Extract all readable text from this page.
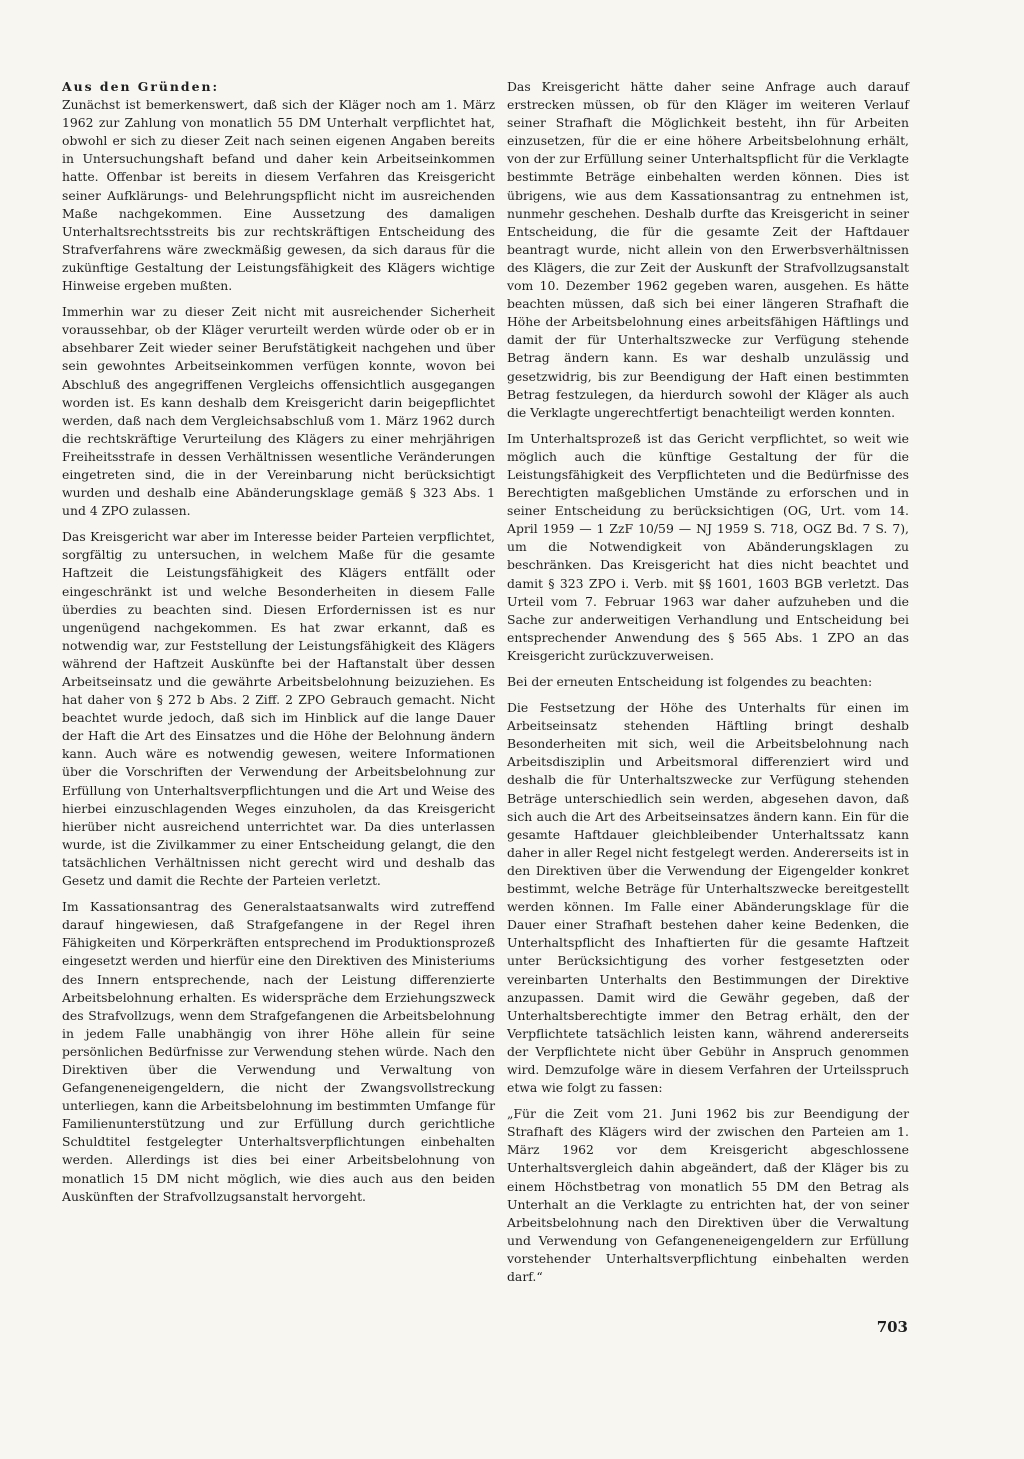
Aus den Gründen:
Zunächst ist bemerkenswert, daß sich der Kläger noch am 1. März 1962 zur Zahlung von monatlich 55 DM Unterhalt verpflichtet hat, obwohl er sich zu dieser Zeit nach seinen eigenen Angaben bereits in Untersuchungshaft befand und daher kein Arbeitseinkommen hatte. Offenbar ist bereits in diesem Verfahren das Kreisgericht seiner Aufklärungs- und Belehrungspflicht nicht im ausreichenden Maße nachgekommen. Eine Aussetzung des damaligen Unterhaltsrechtsstreits bis zur rechtskräftigen Entscheidung des Strafverfahrens wäre zweckmäßig gewesen, da sich daraus für die zukünftige Gestaltung der Leistungsfähigkeit des Klägers wichtige Hinweise ergeben mußten.

Immerhin war zu dieser Zeit nicht mit ausreichender Sicherheit voraussehbar, ob der Kläger verurteilt werden würde oder ob er in absehbarer Zeit wieder seiner Berufstätigkeit nachgehen und über sein gewohntes Arbeitseinkommen verfügen konnte, wovon bei Abschluß des angegriffenen Vergleichs offensichtlich ausgegangen worden ist. Es kann deshalb dem Kreisgericht darin beigepflichtet werden, daß nach dem Vergleichsabschluß vom 1. März 1962 durch die rechtskräftige Verurteilung des Klägers zu einer mehrjährigen Freiheitsstrafe in dessen Verhältnissen wesentliche Veränderungen eingetreten sind, die in der Vereinbarung nicht berücksichtigt wurden und deshalb eine Abänderungsklage gemäß § 323 Abs. 1 und 4 ZPO zulassen.

Das Kreisgericht war aber im Interesse beider Parteien verpflichtet, sorgfältig zu untersuchen, in welchem Maße für die gesamte Haftzeit die Leistungsfähigkeit des Klägers entfällt oder eingeschränkt ist und welche Besonderheiten in diesem Falle überdies zu beachten sind. Diesen Erfordernissen ist es nur ungenügend nachgekommen. Es hat zwar erkannt, daß es notwendig war, zur Feststellung der Leistungsfähigkeit des Klägers während der Haftzeit Auskünfte bei der Haftanstalt über dessen Arbeitseinsatz und die gewährte Arbeitsbelohnung beizuziehen. Es hat daher von § 272 b Abs. 2 Ziff. 2 ZPO Gebrauch gemacht. Nicht beachtet wurde jedoch, daß sich im Hinblick auf die lange Dauer der Haft die Art des Einsatzes und die Höhe der Belohnung ändern kann. Auch wäre es notwendig gewesen, weitere Informationen über die Vorschriften der Verwendung der Arbeitsbelohnung zur Erfüllung von Unterhaltsverpflichtungen und die Art und Weise des hierbei einzuschlagenden Weges einzuholen, da das Kreisgericht hierüber nicht ausreichend unterrichtet war. Da dies unterlassen wurde, ist die Zivilkammer zu einer Entscheidung gelangt, die den tatsächlichen Verhältnissen nicht gerecht wird und deshalb das Gesetz und damit die Rechte der Parteien verletzt.

Im Kassationsantrag des Generalstaatsanwalts wird zutreffend darauf hingewiesen, daß Strafgefangene in der Regel ihren Fähigkeiten und Körperkräften entsprechend im Produktionsprozeß eingesetzt werden und hierfür eine den Direktiven des Ministeriums des Innern entsprechende, nach der Leistung differenzierte Arbeitsbelohnung erhalten. Es widerspräche dem Erziehungszweck des Strafvollzugs, wenn dem Strafgefangenen die Arbeitsbelohnung in jedem Falle unabhängig von ihrer Höhe allein für seine persönlichen Bedürfnisse zur Verwendung stehen würde. Nach den Direktiven über die Verwendung und Verwaltung von Gefangeneneigengeldern, die nicht der Zwangsvollstreckung unterliegen, kann die Arbeitsbelohnung im bestimmten Umfange für Familienunterstützung und zur Erfüllung durch gerichtliche Schuldtitel festgelegter Unterhaltsverpflichtungen einbehalten werden. Allerdings ist dies bei einer Arbeitsbelohnung von monatlich 15 DM nicht möglich, wie dies auch aus den beiden Auskünften der Strafvollzugsanstalt hervorgeht.

Das Kreisgericht hätte daher seine Anfrage auch darauf erstrecken müssen, ob für den Kläger im weiteren Verlauf seiner Strafhaft die Möglichkeit besteht, ihn für Arbeiten einzusetzen, für die er eine höhere Arbeitsbelohnung erhält, von der zur Erfüllung seiner Unterhaltspflicht für die Verklagte bestimmte Beträge einbehalten werden können. Dies ist übrigens, wie aus dem Kassationsantrag zu entnehmen ist, nunmehr geschehen. Deshalb durfte das Kreisgericht in seiner Entscheidung, die für die gesamte Zeit der Haftdauer beantragt wurde, nicht allein von den Erwerbsverhältnissen des Klägers, die zur Zeit der Auskunft der Strafvollzugsanstalt vom 10. Dezember 1962 gegeben waren, ausgehen. Es hätte beachten müssen, daß sich bei einer längeren Strafhaft die Höhe der Arbeitsbelohnung eines arbeitsfähigen Häftlings und damit der für Unterhaltszwecke zur Verfügung stehende Betrag ändern kann. Es war deshalb unzulässig und gesetzwidrig, bis zur Beendigung der Haft einen bestimmten Betrag festzulegen, da hierdurch sowohl der Kläger als auch die Verklagte ungerechtfertigt benachteiligt werden konnten.

Im Unterhaltsprozeß ist das Gericht verpflichtet, so weit wie möglich auch die künftige Gestaltung der für die Leistungsfähigkeit des Verpflichteten und die Bedürfnisse des Berechtigten maßgeblichen Umstände zu erforschen und in seiner Entscheidung zu berücksichtigen (OG, Urt. vom 14. April 1959 — 1 ZzF 10/59 — NJ 1959 S. 718, OGZ Bd. 7 S. 7), um die Notwendigkeit von Abänderungsklagen zu beschränken. Das Kreisgericht hat dies nicht beachtet und damit § 323 ZPO i. Verb. mit §§ 1601, 1603 BGB verletzt. Das Urteil vom 7. Februar 1963 war daher aufzuheben und die Sache zur anderweitigen Verhandlung und Entscheidung bei entsprechender Anwendung des § 565 Abs. 1 ZPO an das Kreisgericht zurückzuverweisen.

Bei der erneuten Entscheidung ist folgendes zu beachten:

Die Festsetzung der Höhe des Unterhalts für einen im Arbeitseinsatz stehenden Häftling bringt deshalb Besonderheiten mit sich, weil die Arbeitsbelohnung nach Arbeitsdisziplin und Arbeitsmoral differenziert wird und deshalb die für Unterhaltszwecke zur Verfügung stehenden Beträge unterschiedlich sein werden, abgesehen davon, daß sich auch die Art des Arbeitseinsatzes ändern kann. Ein für die gesamte Haftdauer gleichbleibender Unterhaltssatz kann daher in aller Regel nicht festgelegt werden. Andererseits ist in den Direktiven über die Verwendung der Eigengelder konkret bestimmt, welche Beträge für Unterhaltszwecke bereitgestellt werden können. Im Falle einer Abänderungsklage für die Dauer einer Strafhaft bestehen daher keine Bedenken, die Unterhaltspflicht des Inhaftierten für die gesamte Haftzeit unter Berücksichtigung des vorher festgesetzten oder vereinbarten Unterhalts den Bestimmungen der Direktive anzupassen. Damit wird die Gewähr gegeben, daß der Unterhaltsberechtigte immer den Betrag erhält, den der Verpflichtete tatsächlich leisten kann, während andererseits der Verpflichtete nicht über Gebühr in Anspruch genommen wird. Demzufolge wäre in diesem Verfahren der Urteilsspruch etwa wie folgt zu fassen:

„Für die Zeit vom 21. Juni 1962 bis zur Beendigung der Strafhaft des Klägers wird der zwischen den Parteien am 1. März 1962 vor dem Kreisgericht abgeschlossene Unterhaltsvergleich dahin abgeändert, daß der Kläger bis zu einem Höchstbetrag von monatlich 55 DM den Betrag als Unterhalt an die Verklagte zu entrichten hat, der von seiner Arbeitsbelohnung nach den Direktiven über die Verwaltung und Verwendung von Gefangeneneigengeldern zur Erfüllung vorstehender Unterhaltsverpflichtung einbehalten werden darf.“

703
